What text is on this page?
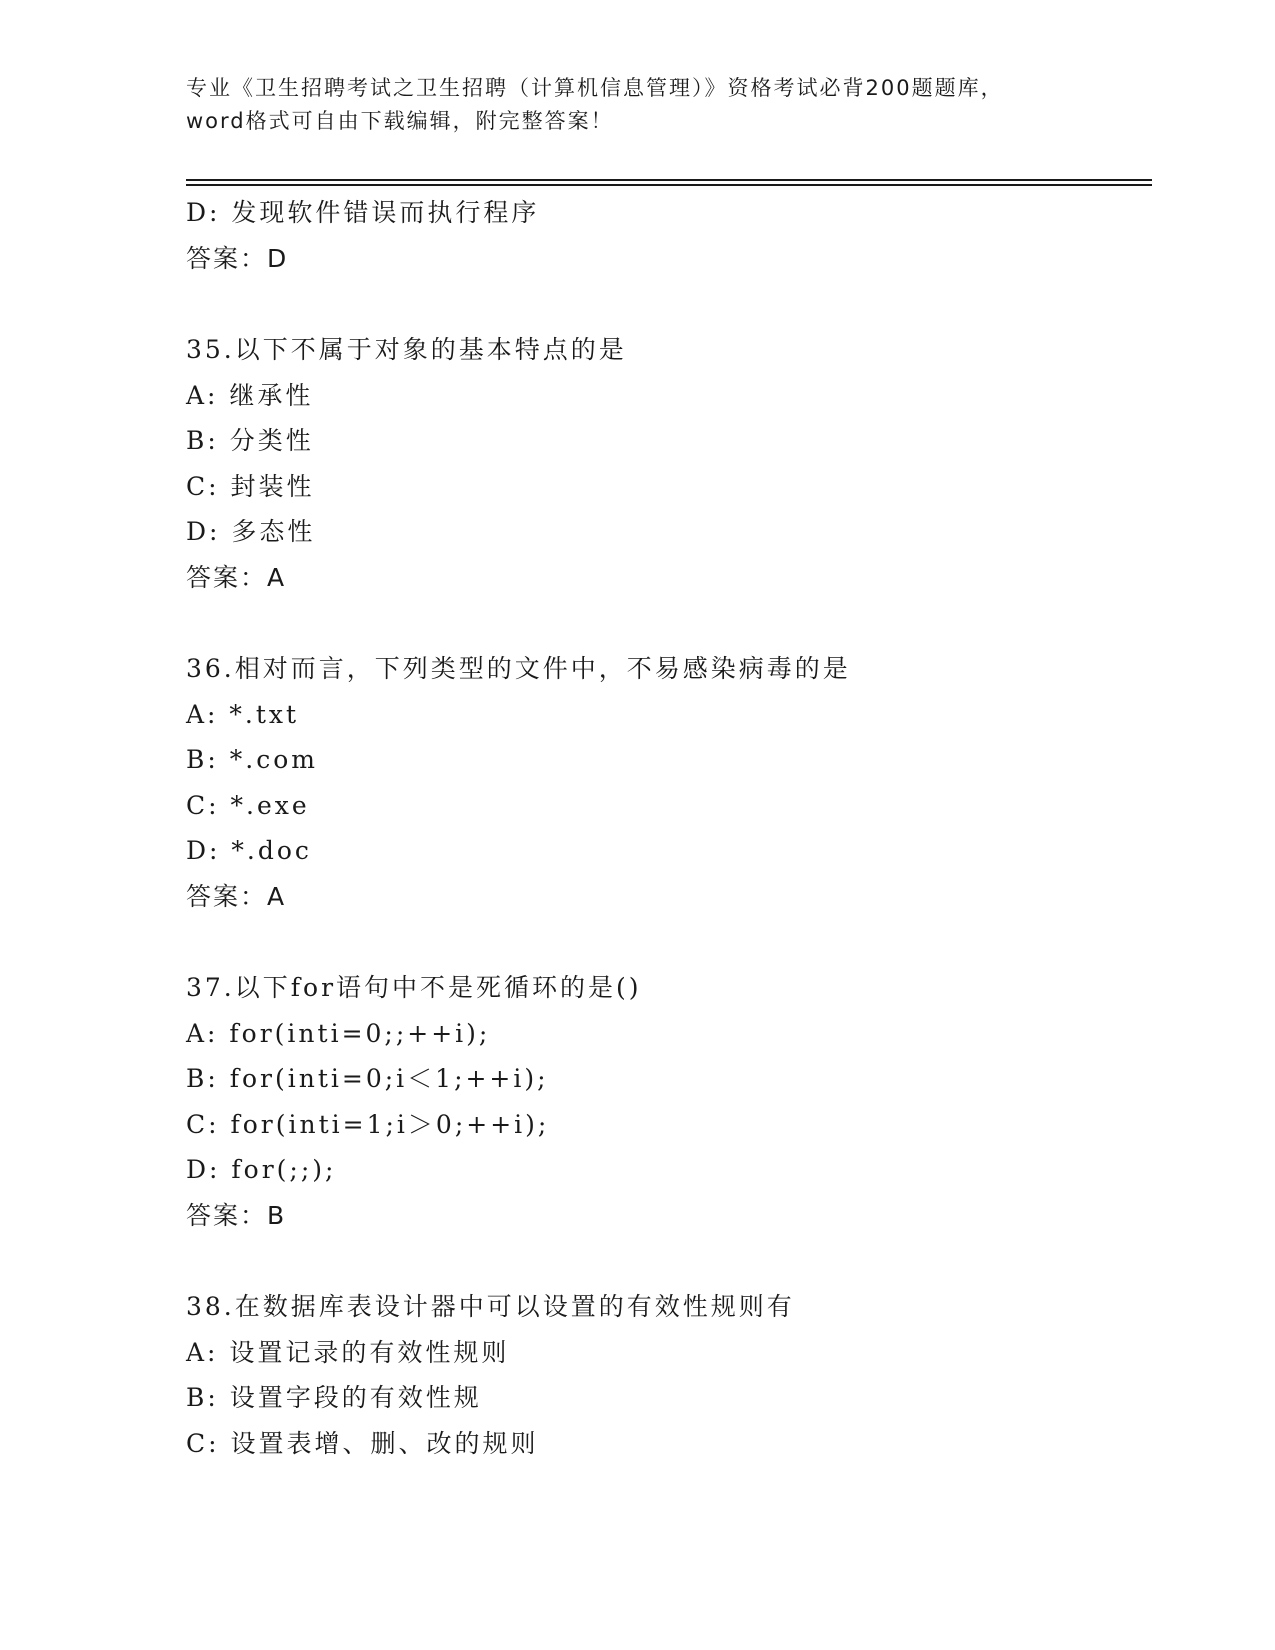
专业《卫生招聘考试之卫生招聘（计算机信息管理）》资格考试必背200题题库，
word格式可自由下载编辑，附完整答案！
D: 发现软件错误而执行程序
答案：D
35.以下不属于对象的基本特点的是
A: 继承性
B: 分类性
C: 封装性
D: 多态性
答案：A
36.相对而言，下列类型的文件中，不易感染病毒的是
A: *.txt
B: *.com
C: *.exe
D: *.doc
答案：A
37.以下for语句中不是死循环的是()
A: for(inti=0;;++i);
B: for(inti=0;i＜1;++i);
C: for(inti=1;i＞0;++i);
D: for(;;);
答案：B
38.在数据库表设计器中可以设置的有效性规则有
A: 设置记录的有效性规则
B: 设置字段的有效性规
C: 设置表增、删、改的规则
